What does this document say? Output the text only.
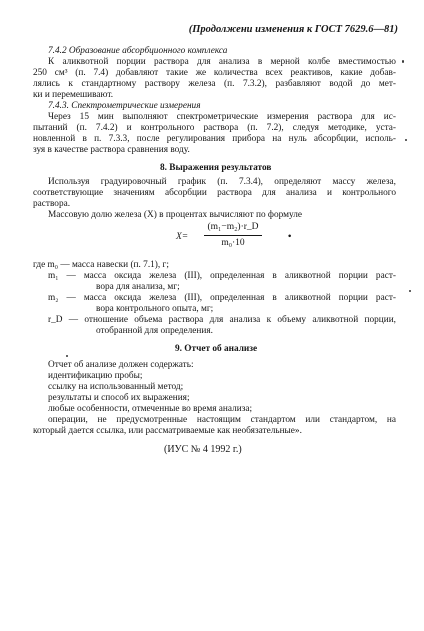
(Продолжени изменения к ГОСТ 7629.6—81)
7.4.2 Образование абсорбционного комплекса
К аликвотной порции раствора для анализа в мерной колбе вместимостью
250 см³ (п. 7.4) добавляют такие же количества всех реактивов, какие добав-
лялись к стандартному раствору железа (п. 7.3.2), разбавляют водой до мет-
ки и перемешивают.
7.4.3. Спектрометрические измерения
Через 15 мин выполняют спектрометрические измерения раствора для ис-
пытаний (п. 7.4.2) и контрольного раствора (п. 7.2), следуя методике, уста-
новленной в п. 7.3.3, после регулирования прибора на нуль абсорбции, исполь-
зуя в качестве раствора сравнения воду.
8. Выражения результатов
Используя градуировочный график (п. 7.3.4), определяют массу железа,
соответствующие значениям абсорбции раствора для анализа и контрольного
раствора.
Массовую долю железа (X) в процентах вычисляют по формуле
X=
(m₁−m₂)·r_D
m₀·10
•
где m₀ — масса навески (п. 7.1), г;
m₁ — масса оксида железа (III), определенная в аликвотной порции раст-
вора для анализа, мг;
m₂ — масса оксида железа (III), определенная в аликвотной порции раст-
вора контрольного опыта, мг;
r_D — отношение объема раствора для анализа к объему аликвотной порции,
отобранной для определения.
9. Отчет об анализе
Отчет об анализе должен содержать:
идентификацию пробы;
ссылку на использованный метод;
результаты и способ их выражения;
любые особенности, отмеченные во время анализа;
операции, не предусмотренные настоящим стандартом или стандартом, на
который дается ссылка, или рассматриваемые как необязательные».
(ИУС № 4 1992 г.)
